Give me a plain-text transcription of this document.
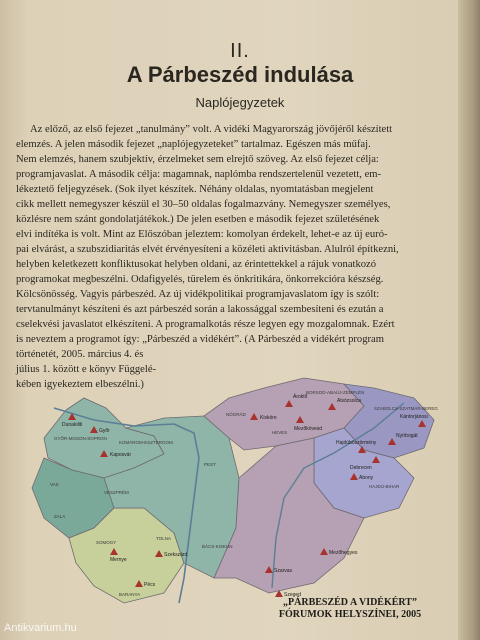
II.
A Párbeszéd indulása
Naplójegyzetek
Az előző, az első fejezet „tanulmány” volt. A vidéki Magyarország jövőjéről készített
elemzés. A jelen második fejezet „naplójegyzeteket” tartalmaz. Egészen más műfaj.
Nem elemzés, hanem szubjektív, érzelmeket sem elrejtő szöveg. Az első fejezet célja:
programjavaslat. A második célja: magamnak, naplómba rendszertelenül vezetett, em-
lékeztető feljegyzések. (Sok ilyet készítek. Néhány oldalas, nyomtatásban megjelent
cikk mellett nemegyszer készül el 30–50 oldalas fogalmazvány. Nemegyszer személyes,
közlésre nem szánt gondolatjátékok.) De jelen esetben e második fejezet születésének
elvi indítéka is volt. Mint az Előszóban jeleztem: komolyan érdekelt, lehet-e az új euró-
pai elvárást, a szubszidiaritás elvét érvényesíteni a közéleti aktivitásban. Alulról építkezni,
helyben keletkezett konfliktusokat helyben oldani, az érintettekkel a rájuk vonatkozó
programokat megbeszélni. Odafigyelés, türelem és önkritikára, önkorrekcióra készség.
Kölcsönösség. Vagyis párbeszéd. Az új vidékpolitikai programjavaslatom így is szólt:
tervtanulmányt készíteni és azt párbeszéd során a lakossággal szembesíteni és ezután a
cselekvési javaslatot elkészíteni. A programalkotás része legyen egy mozgalomnak. Ezért
is neveztem a programot így: „Párbeszéd a vidékért”. (A Párbeszéd a vidékért program
történetét, 2005. március 4. és
július 1. között e könyv Függelé-
kében igyekeztem elbeszélni.)
Dunakiliti
Győr
Kaposvár
Mernye
Szekszárd
Pécs
Kisköre
Ároktő
Mezőkövesd
Alsózsolca
Kántorjánosi
Nyírbogát
Hajdúböszörmény
Debrecen
Abony
Szarvas
Szeged
Mezőhegyes
GYŐR-MOSON-SOPRON
KOMÁROM-ESZTERGOM
VAS
VESZPRÉM
ZALA
SOMOGY
TOLNA
BARANYA
NÓGRÁD
BORSOD-ABAÚJ-ZEMPLÉN
SZABOLCS-SZATMÁR-BEREG
HAJDÚ-BIHAR
HEVES
PEST
BÁCS-KISKUN
„PÁRBESZÉD A VIDÉKÉRT”
FÓRUMOK HELYSZÍNEI, 2005
Antikvarium.hu
